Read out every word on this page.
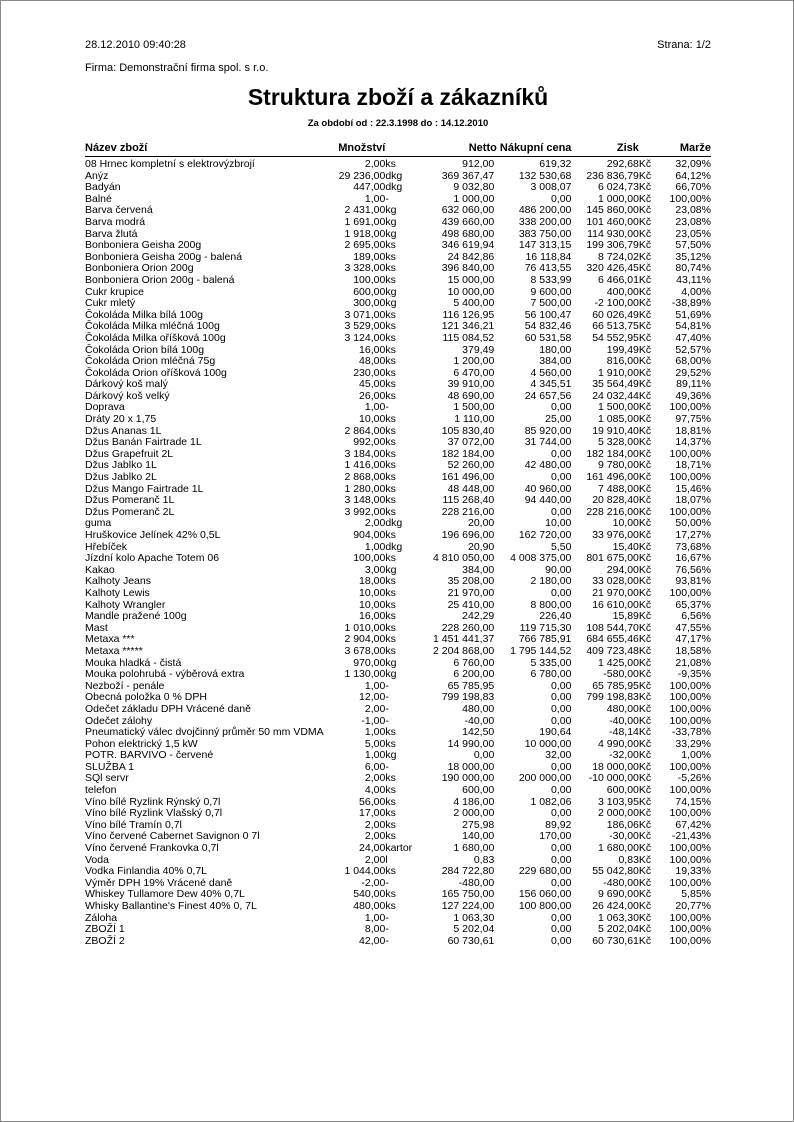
28.12.2010 09:40:28	Strana: 1/2
Firma: Demonstrační firma spol. s r.o.
Struktura zboží a zákazníků
Za období od : 22.3.1998 do : 14.12.2010
Název zboží	Množství		Netto Nákupní cena		Zisk		Marže
08 Hrnec kompletní s elektrovýzbrojí	2,00	ks	912,00	619,32	292,68	Kč	32,09%
Anýz	29 236,00	dkg	369 367,47	132 530,68	236 836,79	Kč	64,12%
Badyán	447,00	dkg	9 032,80	3 008,07	6 024,73	Kč	66,70%
Balné	1,00	-	1 000,00	0,00	1 000,00	Kč	100,00%
Barva červená	2 431,00	kg	632 060,00	486 200,00	145 860,00	Kč	23,08%
Barva modrá	1 691,00	kg	439 660,00	338 200,00	101 460,00	Kč	23,08%
Barva žlutá	1 918,00	kg	498 680,00	383 750,00	114 930,00	Kč	23,05%
Bonboniera Geisha 200g	2 695,00	ks	346 619,94	147 313,15	199 306,79	Kč	57,50%
Bonboniera Geisha 200g - balená	189,00	ks	24 842,86	16 118,84	8 724,02	Kč	35,12%
Bonboniera Orion 200g	3 328,00	ks	396 840,00	76 413,55	320 426,45	Kč	80,74%
Bonboniera Orion 200g - balená	100,00	ks	15 000,00	8 533,99	6 466,01	Kč	43,11%
Cukr krupice	600,00	kg	10 000,00	9 600,00	400,00	Kč	4,00%
Cukr mletý	300,00	kg	5 400,00	7 500,00	-2 100,00	Kč	-38,89%
Čokoláda Milka bílá 100g	3 071,00	ks	116 126,95	56 100,47	60 026,49	Kč	51,69%
Čokoláda Milka mléčná 100g	3 529,00	ks	121 346,21	54 832,46	66 513,75	Kč	54,81%
Čokoláda Milka oříšková 100g	3 124,00	ks	115 084,52	60 531,58	54 552,95	Kč	47,40%
Čokoláda Orion bílá 100g	16,00	ks	379,49	180,00	199,49	Kč	52,57%
Čokoláda Orion mléčná 75g	48,00	ks	1 200,00	384,00	816,00	Kč	68,00%
Čokoláda Orion oříšková 100g	230,00	ks	6 470,00	4 560,00	1 910,00	Kč	29,52%
Dárkový koš malý	45,00	ks	39 910,00	4 345,51	35 564,49	Kč	89,11%
Dárkový koš velký	26,00	ks	48 690,00	24 657,56	24 032,44	Kč	49,36%
Doprava	1,00	-	1 500,00	0,00	1 500,00	Kč	100,00%
Dráty 20 x 1,75	10,00	ks	1 110,00	25,00	1 085,00	Kč	97,75%
Džus Ananas 1L	2 864,00	ks	105 830,40	85 920,00	19 910,40	Kč	18,81%
Džus Banán Fairtrade 1L	992,00	ks	37 072,00	31 744,00	5 328,00	Kč	14,37%
Džus Grapefruit 2L	3 184,00	ks	182 184,00	0,00	182 184,00	Kč	100,00%
Džus Jablko 1L	1 416,00	ks	52 260,00	42 480,00	9 780,00	Kč	18,71%
Džus Jablko 2L	2 868,00	ks	161 496,00	0,00	161 496,00	Kč	100,00%
Džus Mango Fairtrade 1L	1 280,00	ks	48 448,00	40 960,00	7 488,00	Kč	15,46%
Džus Pomeranč 1L	3 148,00	ks	115 268,40	94 440,00	20 828,40	Kč	18,07%
Džus Pomeranč 2L	3 992,00	ks	228 216,00	0,00	228 216,00	Kč	100,00%
guma	2,00	dkg	20,00	10,00	10,00	Kč	50,00%
Hruškovice Jelínek 42% 0,5L	904,00	ks	196 696,00	162 720,00	33 976,00	Kč	17,27%
Hřebíček	1,00	dkg	20,90	5,50	15,40	Kč	73,68%
Jízdní kolo Apache Totem 06	100,00	ks	4 810 050,00	4 008 375,00	801 675,00	Kč	16,67%
Kakao	3,00	kg	384,00	90,00	294,00	Kč	76,56%
Kalhoty Jeans	18,00	ks	35 208,00	2 180,00	33 028,00	Kč	93,81%
Kalhoty Lewis	10,00	ks	21 970,00	0,00	21 970,00	Kč	100,00%
Kalhoty Wrangler	10,00	ks	25 410,00	8 800,00	16 610,00	Kč	65,37%
Mandle pražené 100g	16,00	ks	242,29	226,40	15,89	Kč	6,56%
Mast	1 010,00	ks	228 260,00	119 715,30	108 544,70	Kč	47,55%
Metaxa ***	2 904,00	ks	1 451 441,37	766 785,91	684 655,46	Kč	47,17%
Metaxa *****	3 678,00	ks	2 204 868,00	1 795 144,52	409 723,48	Kč	18,58%
Mouka hladká - čistá	970,00	kg	6 760,00	5 335,00	1 425,00	Kč	21,08%
Mouka polohrubá - výběrová extra	1 130,00	kg	6 200,00	6 780,00	-580,00	Kč	-9,35%
Nezboží - penále	1,00	-	65 785,95	0,00	65 785,95	Kč	100,00%
Obecná položka 0 % DPH	12,00	-	799 198,83	0,00	799 198,83	Kč	100,00%
Odečet základu DPH Vrácené daně	2,00	-	480,00	0,00	480,00	Kč	100,00%
Odečet zálohy	-1,00	-	-40,00	0,00	-40,00	Kč	100,00%
Pneumatický válec dvojčinný průměr 50 mm VDMA	1,00	ks	142,50	190,64	-48,14	Kč	-33,78%
Pohon elektrický 1,5 kW	5,00	ks	14 990,00	10 000,00	4 990,00	Kč	33,29%
POTR. BARVIVO - červené	1,00	kg	0,00	32,00	-32,00	Kč	1,00%
SLUŽBA 1	6,00	-	18 000,00	0,00	18 000,00	Kč	100,00%
SQl servr	2,00	ks	190 000,00	200 000,00	-10 000,00	Kč	-5,26%
telefon	4,00	ks	600,00	0,00	600,00	Kč	100,00%
Víno bílé Ryzlink Rýnský 0,7l	56,00	ks	4 186,00	1 082,06	3 103,95	Kč	74,15%
Víno bílé Ryzlink Vlašský 0,7l	17,00	ks	2 000,00	0,00	2 000,00	Kč	100,00%
Víno bílé Tramín 0,7l	2,00	ks	275,98	89,92	186,06	Kč	67,42%
Víno červené Cabernet Savignon 0 7l	2,00	ks	140,00	170,00	-30,00	Kč	-21,43%
Víno červené Frankovka 0,7l	24,00	kartor	1 680,00	0,00	1 680,00	Kč	100,00%
Voda	2,00	l	0,83	0,00	0,83	Kč	100,00%
Vodka Finlandia 40% 0,7L	1 044,00	ks	284 722,80	229 680,00	55 042,80	Kč	19,33%
Výměr DPH 19% Vrácené daně	-2,00	-	-480,00	0,00	-480,00	Kč	100,00%
Whiskey Tullamore Dew 40% 0,7L	540,00	ks	165 750,00	156 060,00	9 690,00	Kč	5,85%
Whisky Ballantine's Finest 40% 0, 7L	480,00	ks	127 224,00	100 800,00	26 424,00	Kč	20,77%
Záloha	1,00	-	1 063,30	0,00	1 063,30	Kč	100,00%
ZBOŽÍ 1	8,00	-	5 202,04	0,00	5 202,04	Kč	100,00%
ZBOŽÍ 2	42,00	-	60 730,61	0,00	60 730,61	Kč	100,00%
